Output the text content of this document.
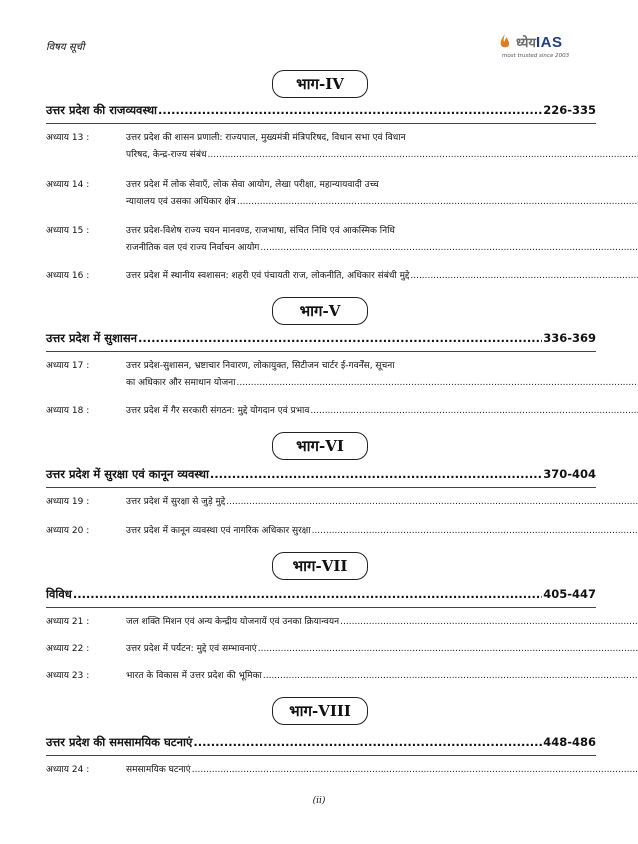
विषय सूची	ध्येय IAS
most trusted since 2003
भाग-IV
उत्तर प्रदेश की राजव्यवस्था .....	226-335
अध्याय 13 :	उत्तर प्रदेश की शासन प्रणाली: राज्यपाल, मुख्यमंत्री मंत्रिपरिषद, विधान सभा एवं विधान
परिषद, केन्द्र-राज्य संबंध
.....
अध्याय 14 :	उत्तर प्रदेश में लोक सेवाएँ, लोक सेवा आयोग, लेखा परीक्षा, महान्यायवादी उच्च
न्यायालय एवं उसका अधिकार क्षेत्र
.....
अध्याय 15 :	उत्तर प्रदेश-विशेष राज्य चयन मानवण्ड, राजभाषा, संचित निधि एवं आकस्मिक निधि
राजनीतिक वल एवं राज्य निर्वाचन आयोग
.....
अध्याय 16 :	उत्तर प्रदेश में स्थानीय स्वशासन: शहरी एवं पंचायती राज, लोकनीति, अधिकार संबंधी मुद्दे
.....
भाग-V
उत्तर प्रदेश में सुशासन .....	336-369
अध्याय 17 :	उत्तर प्रदेश-सुशासन, भ्रष्टाचार निवारण, लोकायुक्त, सिटीजन चार्टर ई-गवर्नेंस, सूचना
का अधिकार और समाधान योजना
.....
अध्याय 18 :	उत्तर प्रदेश में गैर सरकारी संगठन: मुद्दे योगदान एवं प्रभाव
.....
भाग-VI
उत्तर प्रदेश में सुरक्षा एवं कानून व्यवस्था .....	370-404
अध्याय 19 :	उत्तर प्रदेश में सुरक्षा से जुड़े मुद्दे
.....
अध्याय 20 :	उत्तर प्रदेश में कानून व्यवस्था एवं नागरिक अधिकार सुरक्षा
.....
भाग-VII
विविध .....	405-447
अध्याय 21 :	जल शक्ति मिशन एवं अन्य केन्द्रीय योजनायें एवं उनका क्रियान्वयन
.....
अध्याय 22 :	उत्तर प्रदेश में पर्यटन: मुद्दे एवं सम्भावनाएं
.....
अध्याय 23 :	भारत के विकास में उत्तर प्रदेश की भूमिका
.....
भाग-VIII
उत्तर प्रदेश की समसामयिक घटनाएं .....	448-486
अध्याय 24 :	समसामयिक घटनाएं
.....
(ii)
